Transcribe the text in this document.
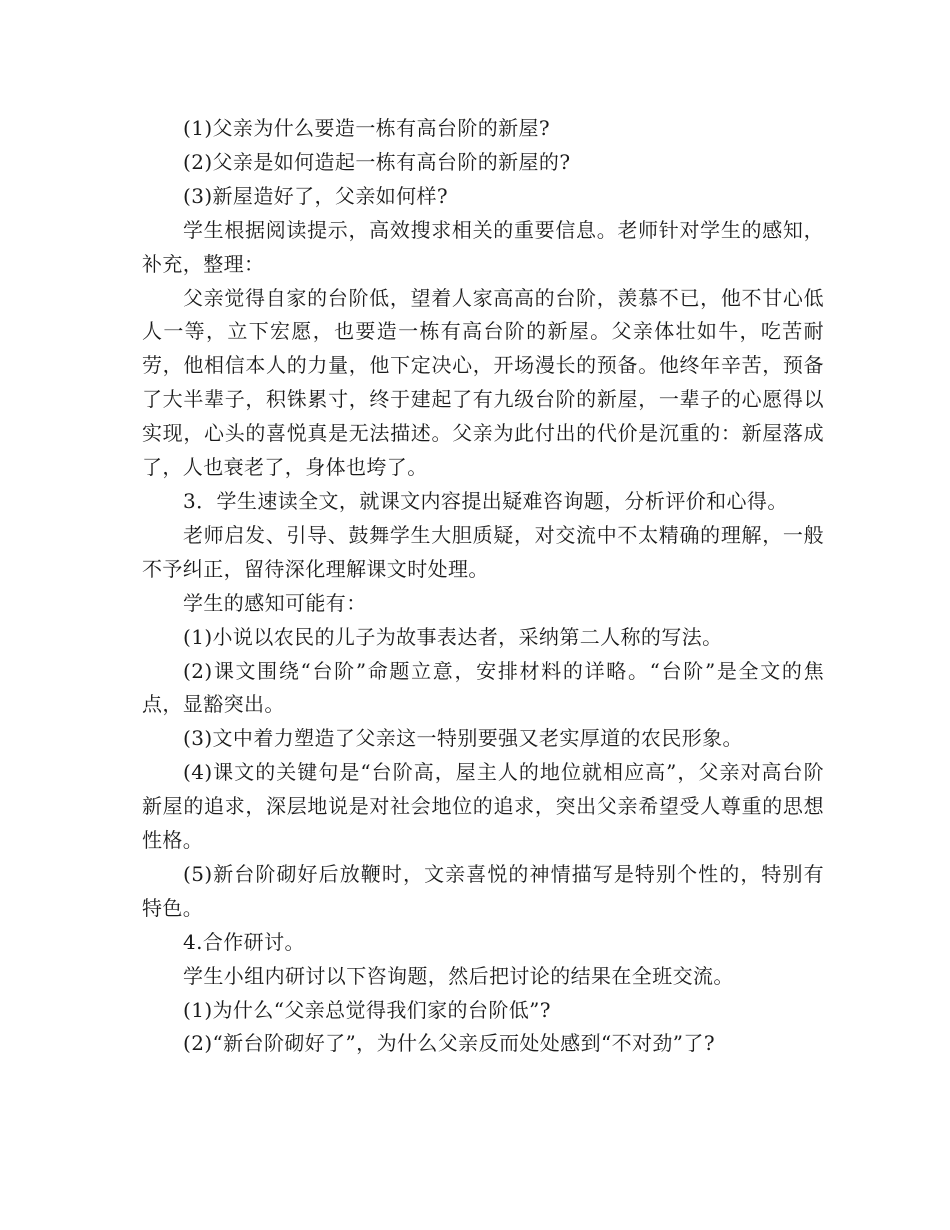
(1)父亲为什么要造一栋有高台阶的新屋?

(2)父亲是如何造起一栋有高台阶的新屋的?

(3)新屋造好了，父亲如何样?

学生根据阅读提示，高效搜求相关的重要信息。老师针对学生的感知，补充，整理：

父亲觉得自家的台阶低，望着人家高高的台阶，羡慕不已，他不甘心低人一等，立下宏愿，也要造一栋有高台阶的新屋。父亲体壮如牛，吃苦耐劳，他相信本人的力量，他下定决心，开场漫长的预备。他终年辛苦，预备了大半辈子，积铢累寸，终于建起了有九级台阶的新屋，一辈子的心愿得以实现，心头的喜悦真是无法描述。父亲为此付出的代价是沉重的：新屋落成了，人也衰老了，身体也垮了。

3．学生速读全文，就课文内容提出疑难咨询题，分析评价和心得。

老师启发、引导、鼓舞学生大胆质疑，对交流中不太精确的理解，一般不予纠正，留待深化理解课文时处理。

学生的感知可能有：

(1)小说以农民的儿子为故事表达者，采纳第二人称的写法。

(2)课文围绕“台阶”命题立意，安排材料的详略。“台阶”是全文的焦点，显豁突出。

(3)文中着力塑造了父亲这一特别要强又老实厚道的农民形象。

(4)课文的关键句是“台阶高，屋主人的地位就相应高”，父亲对高台阶新屋的追求，深层地说是对社会地位的追求，突出父亲希望受人尊重的思想性格。

(5)新台阶砌好后放鞭时，文亲喜悦的神情描写是特别个性的，特别有特色。

4.合作研讨。

学生小组内研讨以下咨询题，然后把讨论的结果在全班交流。

(1)为什么“父亲总觉得我们家的台阶低”?

(2)“新台阶砌好了”，为什么父亲反而处处感到“不对劲”了?
